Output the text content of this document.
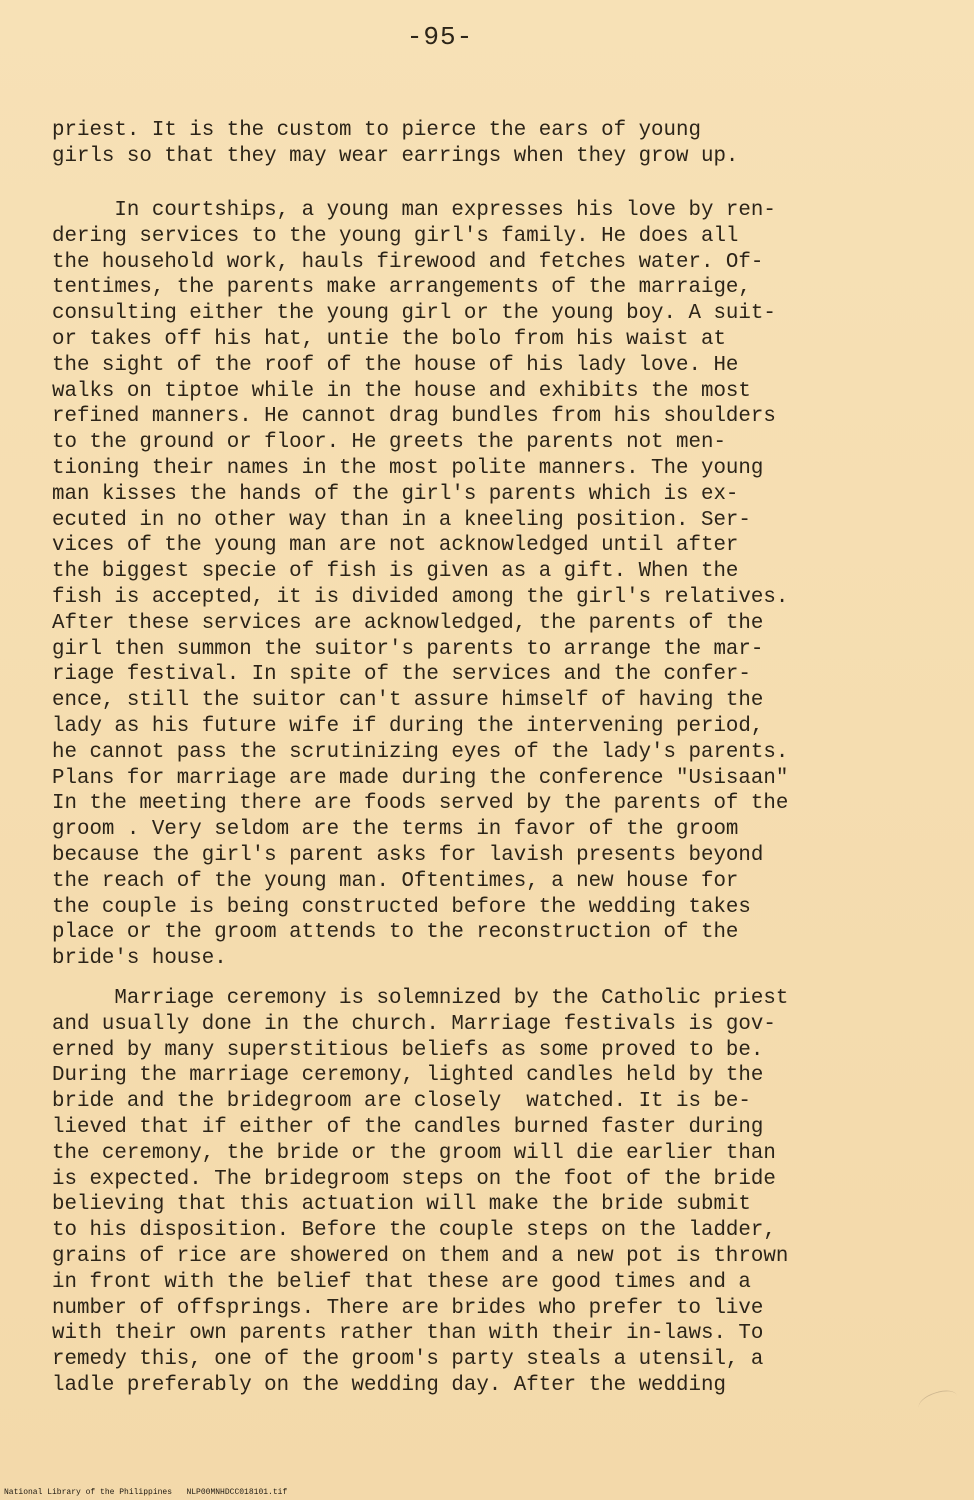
-95-

priest. It is the custom to pierce the ears of young
girls so that they may wear earrings when they grow up.

In courtships, a young man expresses his love by ren-
dering services to the young girl's family. He does all
the household work, hauls firewood and fetches water. Of-
tentimes, the parents make arrangements of the marraige,
consulting either the young girl or the young boy. A suit-
or takes off his hat, untie the bolo from his waist at
the sight of the roof of the house of his lady love. He
walks on tiptoe while in the house and exhibits the most
refined manners. He cannot drag bundles from his shoulders
to the ground or floor. He greets the parents not men-
tioning their names in the most polite manners. The young
man kisses the hands of the girl's parents which is ex-
ecuted in no other way than in a kneeling position. Ser-
vices of the young man are not acknowledged until after
the biggest specie of fish is given as a gift. When the
fish is accepted, it is divided among the girl's relatives.
After these services are acknowledged, the parents of the
girl then summon the suitor's parents to arrange the mar-
riage festival. In spite of the services and the confer-
ence, still the suitor can't assure himself of having the
lady as his future wife if during the intervening period,
he cannot pass the scrutinizing eyes of the lady's parents.
Plans for marriage are made during the conference "Usisaan"
In the meeting there are foods served by the parents of the
groom . Very seldom are the terms in favor of the groom
because the girl's parent asks for lavish presents beyond
the reach of the young man. Oftentimes, a new house for
the couple is being constructed before the wedding takes
place or the groom attends to the reconstruction of the
bride's house.

Marriage ceremony is solemnized by the Catholic priest
and usually done in the church. Marriage festivals is gov-
erned by many superstitious beliefs as some proved to be.
During the marriage ceremony, lighted candles held by the
bride and the bridegroom are closely  watched. It is be-
lieved that if either of the candles burned faster during
the ceremony, the bride or the groom will die earlier than
is expected. The bridegroom steps on the foot of the bride
believing that this actuation will make the bride submit
to his disposition. Before the couple steps on the ladder,
grains of rice are showered on them and a new pot is thrown
in front with the belief that these are good times and a
number of offsprings. There are brides who prefer to live
with their own parents rather than with their in-laws. To
remedy this, one of the groom's party steals a utensil, a
ladle preferably on the wedding day. After the wedding

National Library of the Philippines NLP00MNHDCC018101.tif
